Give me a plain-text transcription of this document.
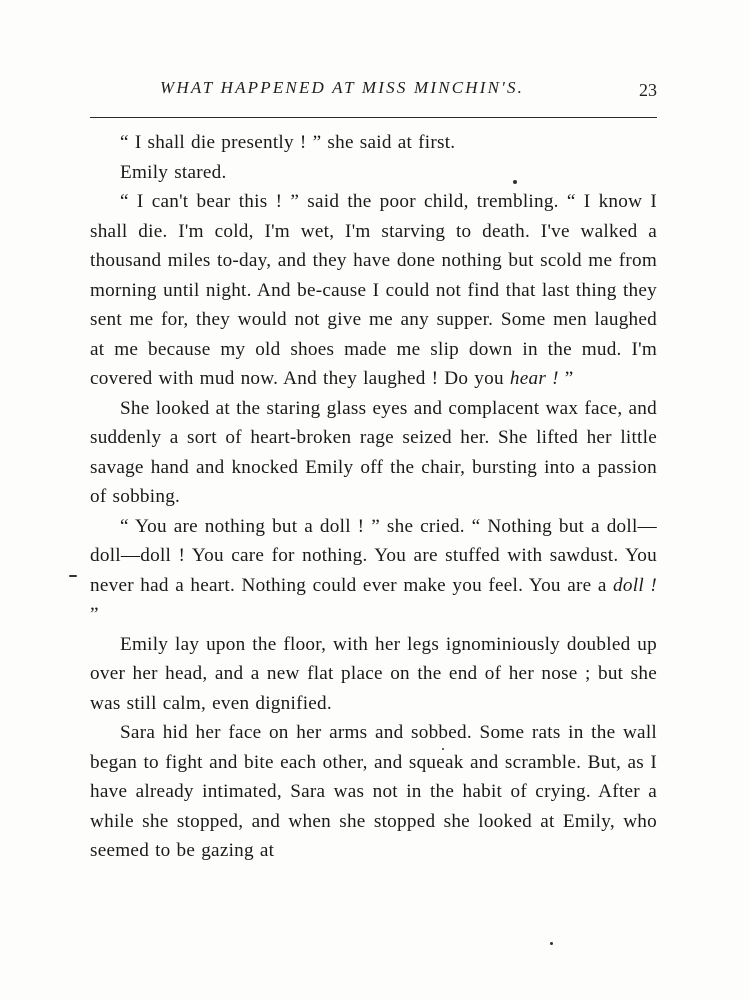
WHAT HAPPENED AT MISS MINCHIN'S.	23

“ I shall die presently ! ” she said at first.

Emily stared.

“ I can't bear this ! ” said the poor child, trembling. “ I know I shall die. I'm cold, I'm wet, I'm starving to death. I've walked a thousand miles to-day, and they have done nothing but scold me from morning until night. And be-cause I could not find that last thing they sent me for, they would not give me any supper. Some men laughed at me because my old shoes made me slip down in the mud. I'm covered with mud now. And they laughed ! Do you hear ! ”

She looked at the staring glass eyes and complacent wax face, and suddenly a sort of heart-broken rage seized her. She lifted her little savage hand and knocked Emily off the chair, bursting into a passion of sobbing.

“ You are nothing but a doll ! ” she cried. “ Nothing but a doll—doll—doll ! You care for nothing. You are stuffed with sawdust. You never had a heart. Nothing could ever make you feel. You are a doll ! ”

Emily lay upon the floor, with her legs ignominiously doubled up over her head, and a new flat place on the end of her nose ; but she was still calm, even dignified.

Sara hid her face on her arms and sobbed. Some rats in the wall began to fight and bite each other, and squeak and scramble. But, as I have already intimated, Sara was not in the habit of crying. After a while she stopped, and when she stopped she looked at Emily, who seemed to be gazing at
